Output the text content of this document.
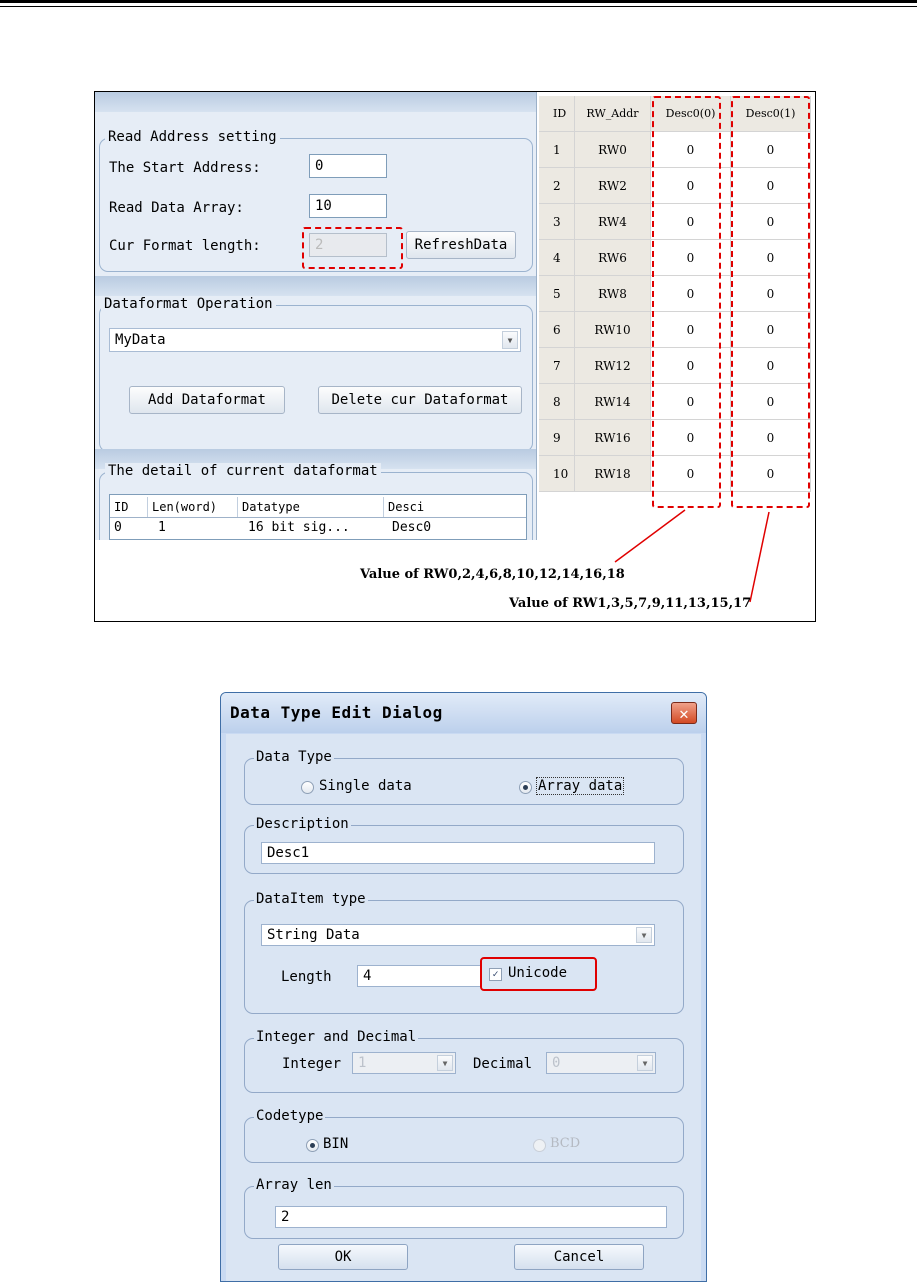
Read Address setting
The Start Address:	0
Read Data Array:	10
Cur Format length:	2	RefreshData
Dataformat Operation
MyData	▼
Add Dataformat	Delete cur Dataformat
The detail of current dataformat
ID	Len(word)	Datatype	Desci
0	1	16 bit sig...	Desc0
ID	RW_Addr	Desc0(0)	Desc0(1)
1	RW0	0	0
2	RW2	0	0
3	RW4	0	0
4	RW6	0	0
5	RW8	0	0
6	RW10	0	0
7	RW12	0	0
8	RW14	0	0
9	RW16	0	0
10	RW18	0	0
Value of RW0,2,4,6,8,10,12,14,16,18
Value of RW1,3,5,7,9,11,13,15,17
Data Type Edit Dialog	✕
Data Type
Single data	Array data
Description
Desc1
DataItem type
String Data	▼
Length	4	✓ Unicode
Integer and Decimal
Integer	1	▼	Decimal	0	▼
Codetype
BIN	BCD
Array len
2
OK	Cancel
